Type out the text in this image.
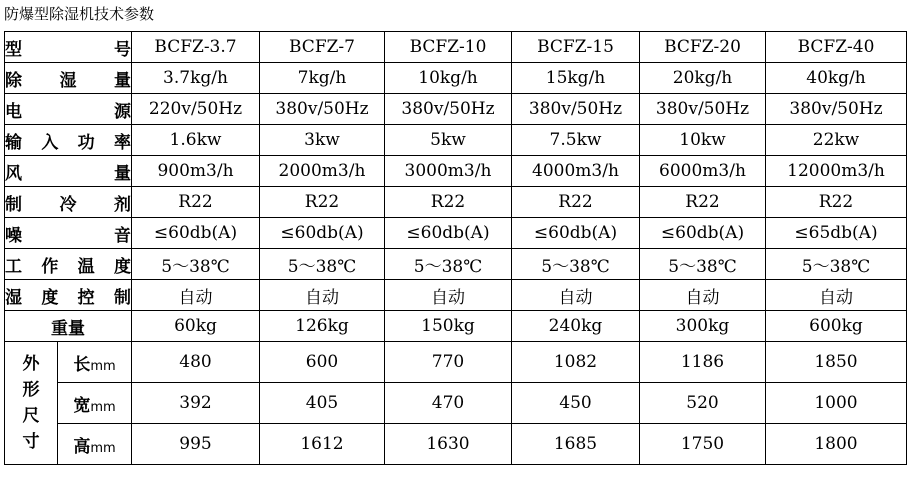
防爆型除湿机技术参数
型　号		BCFZ-3.7	BCFZ-7	BCFZ-10	BCFZ-15	BCFZ-20	BCFZ-40
除湿量		3.7kg/h	7kg/h	10kg/h	15kg/h	20kg/h	40kg/h
电　源		220v/50Hz	380v/50Hz	380v/50Hz	380v/50Hz	380v/50Hz	380v/50Hz
输入功率		1.6kw	3kw	5kw	7.5kw	10kw	22kw
风　量		900m3/h	2000m3/h	3000m3/h	4000m3/h	6000m3/h	12000m3/h
制冷剂		R22	R22	R22	R22	R22	R22
噪　音		≤60db(A)	≤60db(A)	≤60db(A)	≤60db(A)	≤60db(A)	≤65db(A)
工作温度		5～38℃	5～38℃	5～38℃	5～38℃	5～38℃	5～38℃
湿度控制		自动	自动	自动	自动	自动	自动
重量		60kg	126kg	150kg	240kg	300kg	600kg

外
形
尺
寸	长mm	480	600	770	1082	1186	1850
	宽mm	392	405	470	450	520	1000
	高mm	995	1612	1630	1685	1750	1800
